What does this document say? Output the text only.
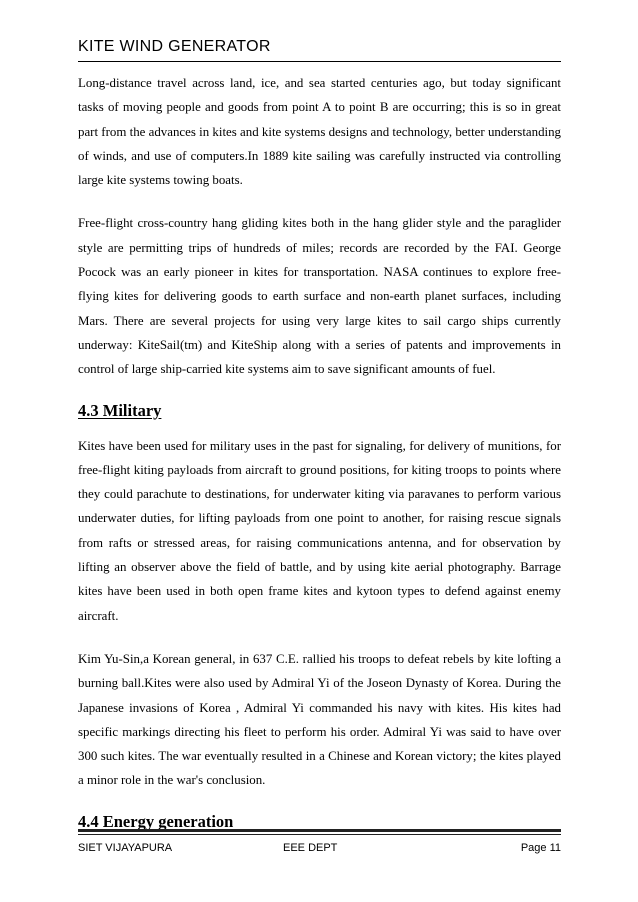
KITE WIND GENERATOR

Long-distance travel across land, ice, and sea started centuries ago, but today significant tasks of moving people and goods from point A to point B are occurring; this is so in great part from the advances in kites and kite systems designs and technology, better understanding of winds, and use of computers.In 1889 kite sailing was carefully instructed via controlling large kite systems towing boats.

Free-flight cross-country hang gliding kites both in the hang glider style and the paraglider style are permitting trips of hundreds of miles; records are recorded by the FAI. George Pocock was an early pioneer in kites for transportation. NASA continues to explore free-flying kites for delivering goods to earth surface and non-earth planet surfaces, including Mars. There are several projects for using very large kites to sail cargo ships currently underway: KiteSail(tm) and KiteShip along with a series of patents and improvements in control of large ship-carried kite systems aim to save significant amounts of fuel.

4.3 Military

Kites have been used for military uses in the past for signaling, for delivery of munitions, for free-flight kiting payloads from aircraft to ground positions, for kiting troops to points where they could parachute to destinations, for underwater kiting via paravanes to perform various underwater duties, for lifting payloads from one point to another, for raising rescue signals from rafts or stressed areas, for raising communications antenna, and for observation by lifting an observer above the field of battle, and by using kite aerial photography. Barrage kites have been used in both open frame kites and kytoon types to defend against enemy aircraft.

Kim Yu-Sin,a Korean general, in 637 C.E. rallied his troops to defeat rebels by kite lofting a burning ball.Kites were also used by Admiral Yi of the Joseon Dynasty of Korea. During the Japanese invasions of Korea , Admiral Yi commanded his navy with kites. His kites had specific markings directing his fleet to perform his order. Admiral Yi was said to have over 300 such kites. The war eventually resulted in a Chinese and Korean victory; the kites played a minor role in the war's conclusion.

4.4 Energy generation
SIET VIJAYAPURA	EEE DEPT	Page 11
